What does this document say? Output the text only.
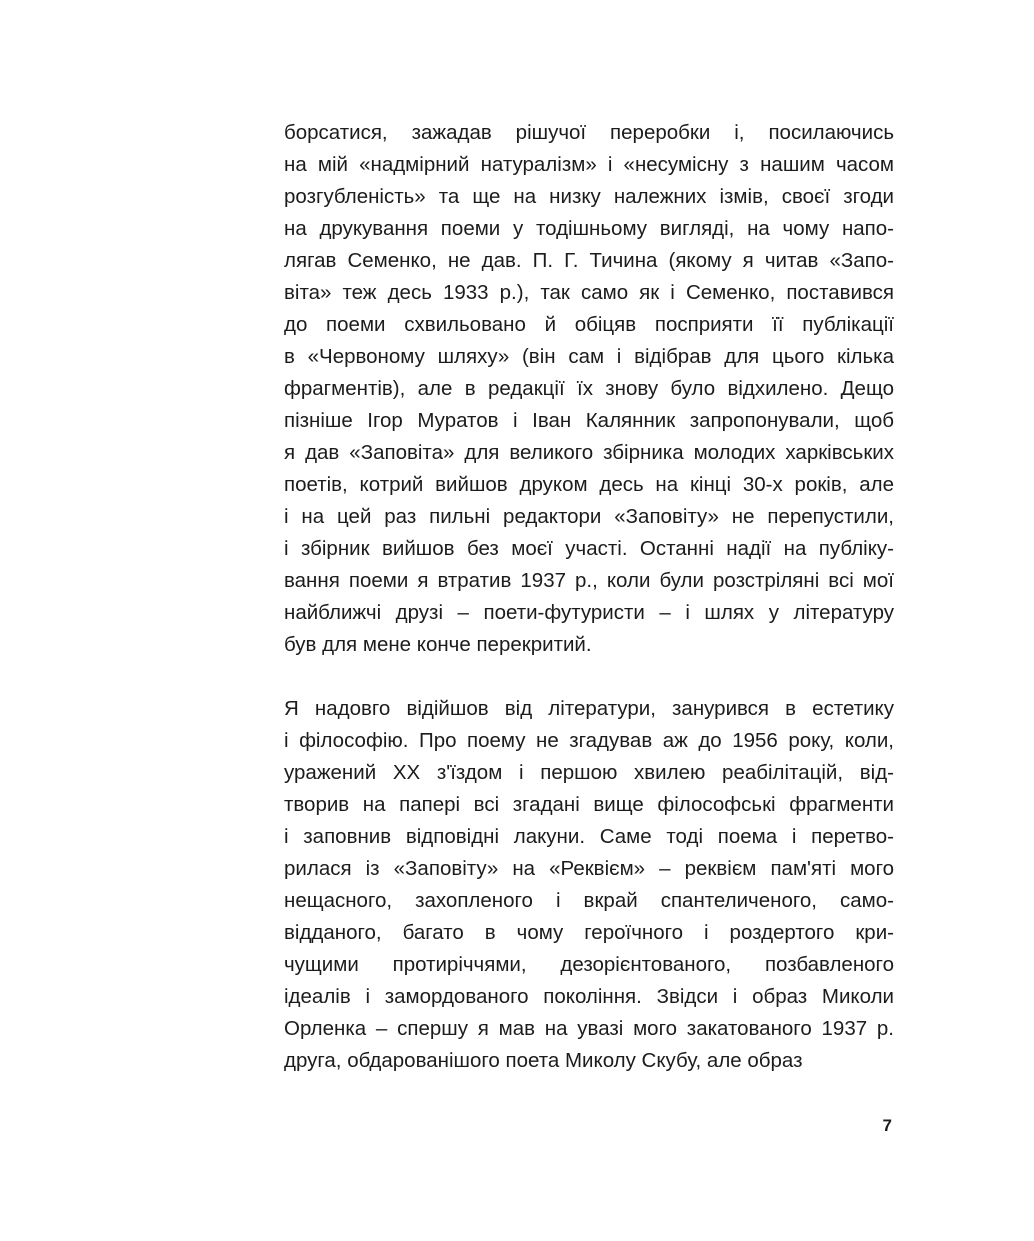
борсатися, зажадав рішучої переробки і, посилаючись
на мій «надмірний натуралізм» і «несумісну з нашим часом
розгубленість» та ще на низку належних ізмів, своєї згоди
на друкування поеми у тодішньому вигляді, на чому напо-
лягав Семенко, не дав. П. Г. Тичина (якому я читав «Запо-
віта» теж десь 1933 р.), так само як і Семенко, поставився
до поеми схвильовано й обіцяв посприяти її публікації
в «Червоному шляху» (він сам і відібрав для цього кілька
фрагментів), але в редакції їх знову було відхилено. Дещо
пізніше Ігор Муратов і Іван Калянник запропонували, щоб
я дав «Заповіта» для великого збірника молодих харківських
поетів, котрий вийшов друком десь на кінці 30-х років, але
і на цей раз пильні редактори «Заповіту» не перепустили,
і збірник вийшов без моєї участі. Останні надії на публіку-
вання поеми я втратив 1937 р., коли були розстріляні всі мої
найближчі друзі – поети-футуристи – і шлях у літературу
був для мене конче перекритий.
Я надовго відійшов від літератури, занурився в естетику
і філософію. Про поему не згадував аж до 1956 року, коли,
уражений XX з'їздом і першою хвилею реабілітацій, від-
творив на папері всі згадані вище філософські фрагменти
і заповнив відповідні лакуни. Саме тоді поема і перетво-
рилася із «Заповіту» на «Реквієм» – реквієм пам'яті мого
нещасного, захопленого і вкрай спантеличеного, само-
відданого, багато в чому героїчного і роздертого кри-
чущими протиріччями, дезорієнтованого, позбавленого
ідеалів і замордованого покоління. Звідси і образ Миколи
Орленка – спершу я мав на увазі мого закатованого 1937 р.
друга, обдарованішого поета Миколу Скубу, але образ
7
